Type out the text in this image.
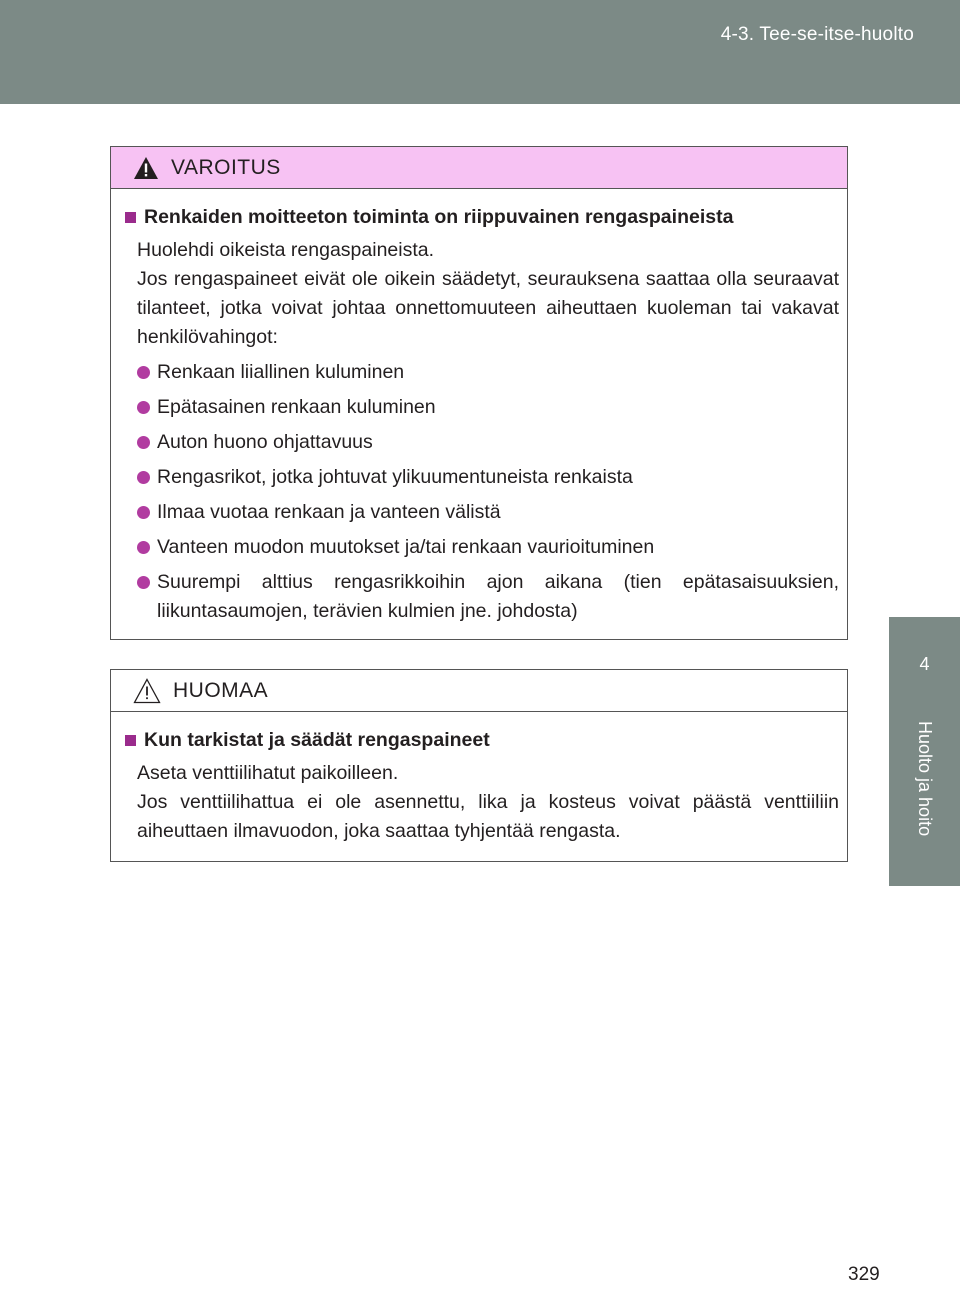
4-3. Tee-se-itse-huolto
4
Huolto ja hoito
VAROITUS
Renkaiden moitteeton toiminta on riippuvainen rengaspaineista
Huolehdi oikeista rengaspaineista.
Jos rengaspaineet eivät ole oikein säädetyt, seurauksena saattaa olla seuraavat tilanteet, jotka voivat johtaa onnettomuuteen aiheuttaen kuoleman tai vakavat henkilövahingot:
Renkaan liiallinen kuluminen
Epätasainen renkaan kuluminen
Auton huono ohjattavuus
Rengasrikot, jotka johtuvat ylikuumentuneista renkaista
Ilmaa vuotaa renkaan ja vanteen välistä
Vanteen muodon muutokset ja/tai renkaan vaurioituminen
Suurempi alttius rengasrikkoihin ajon aikana (tien epätasaisuuksien, liikuntasaumojen, terävien kulmien jne. johdosta)
HUOMAA
Kun tarkistat ja säädät rengaspaineet
Aseta venttiilihatut paikoilleen.
Jos venttiilihattua ei ole asennettu, lika ja kosteus voivat päästä venttiiliin aiheuttaen ilmavuodon, joka saattaa tyhjentää rengasta.
329
